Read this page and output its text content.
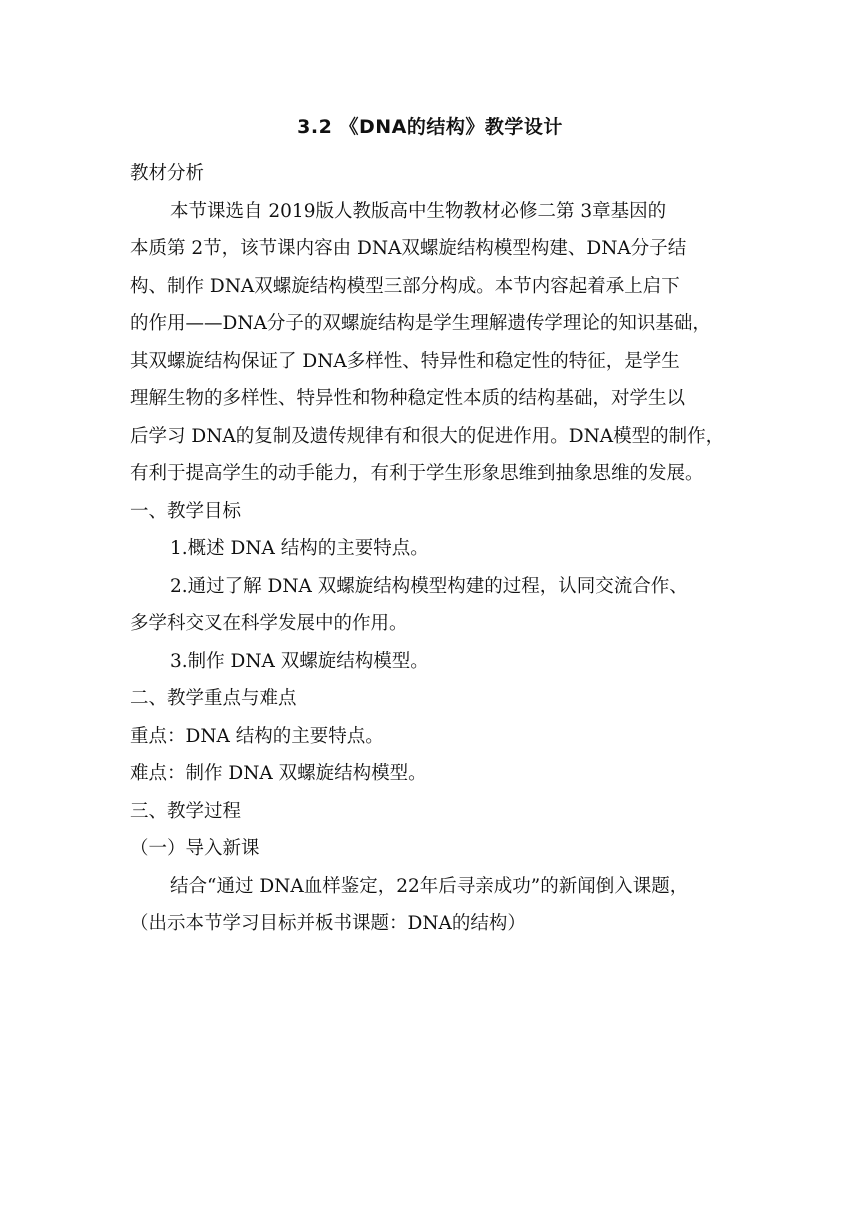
3.2 《DNA的结构》教学设计
教材分析
本节课选自 2019版人教版高中生物教材必修二第 3章基因的
本质第 2节，该节课内容由 DNA双螺旋结构模型构建、DNA分子结
构、制作 DNA双螺旋结构模型三部分构成。本节内容起着承上启下
的作用——DNA分子的双螺旋结构是学生理解遗传学理论的知识基础，
其双螺旋结构保证了 DNA多样性、特异性和稳定性的特征，是学生
理解生物的多样性、特异性和物种稳定性本质的结构基础，对学生以
后学习 DNA的复制及遗传规律有和很大的促进作用。DNA模型的制作，
有利于提高学生的动手能力，有利于学生形象思维到抽象思维的发展。
一、教学目标
1.概述 DNA 结构的主要特点。
2.通过了解 DNA 双螺旋结构模型构建的过程，认同交流合作、
多学科交叉在科学发展中的作用。
3.制作 DNA 双螺旋结构模型。
二、教学重点与难点
重点：DNA 结构的主要特点。
难点：制作 DNA 双螺旋结构模型。
三、教学过程
（一）导入新课
结合“通过 DNA血样鉴定，22年后寻亲成功”的新闻倒入课题，
（出示本节学习目标并板书课题：DNA的结构）
